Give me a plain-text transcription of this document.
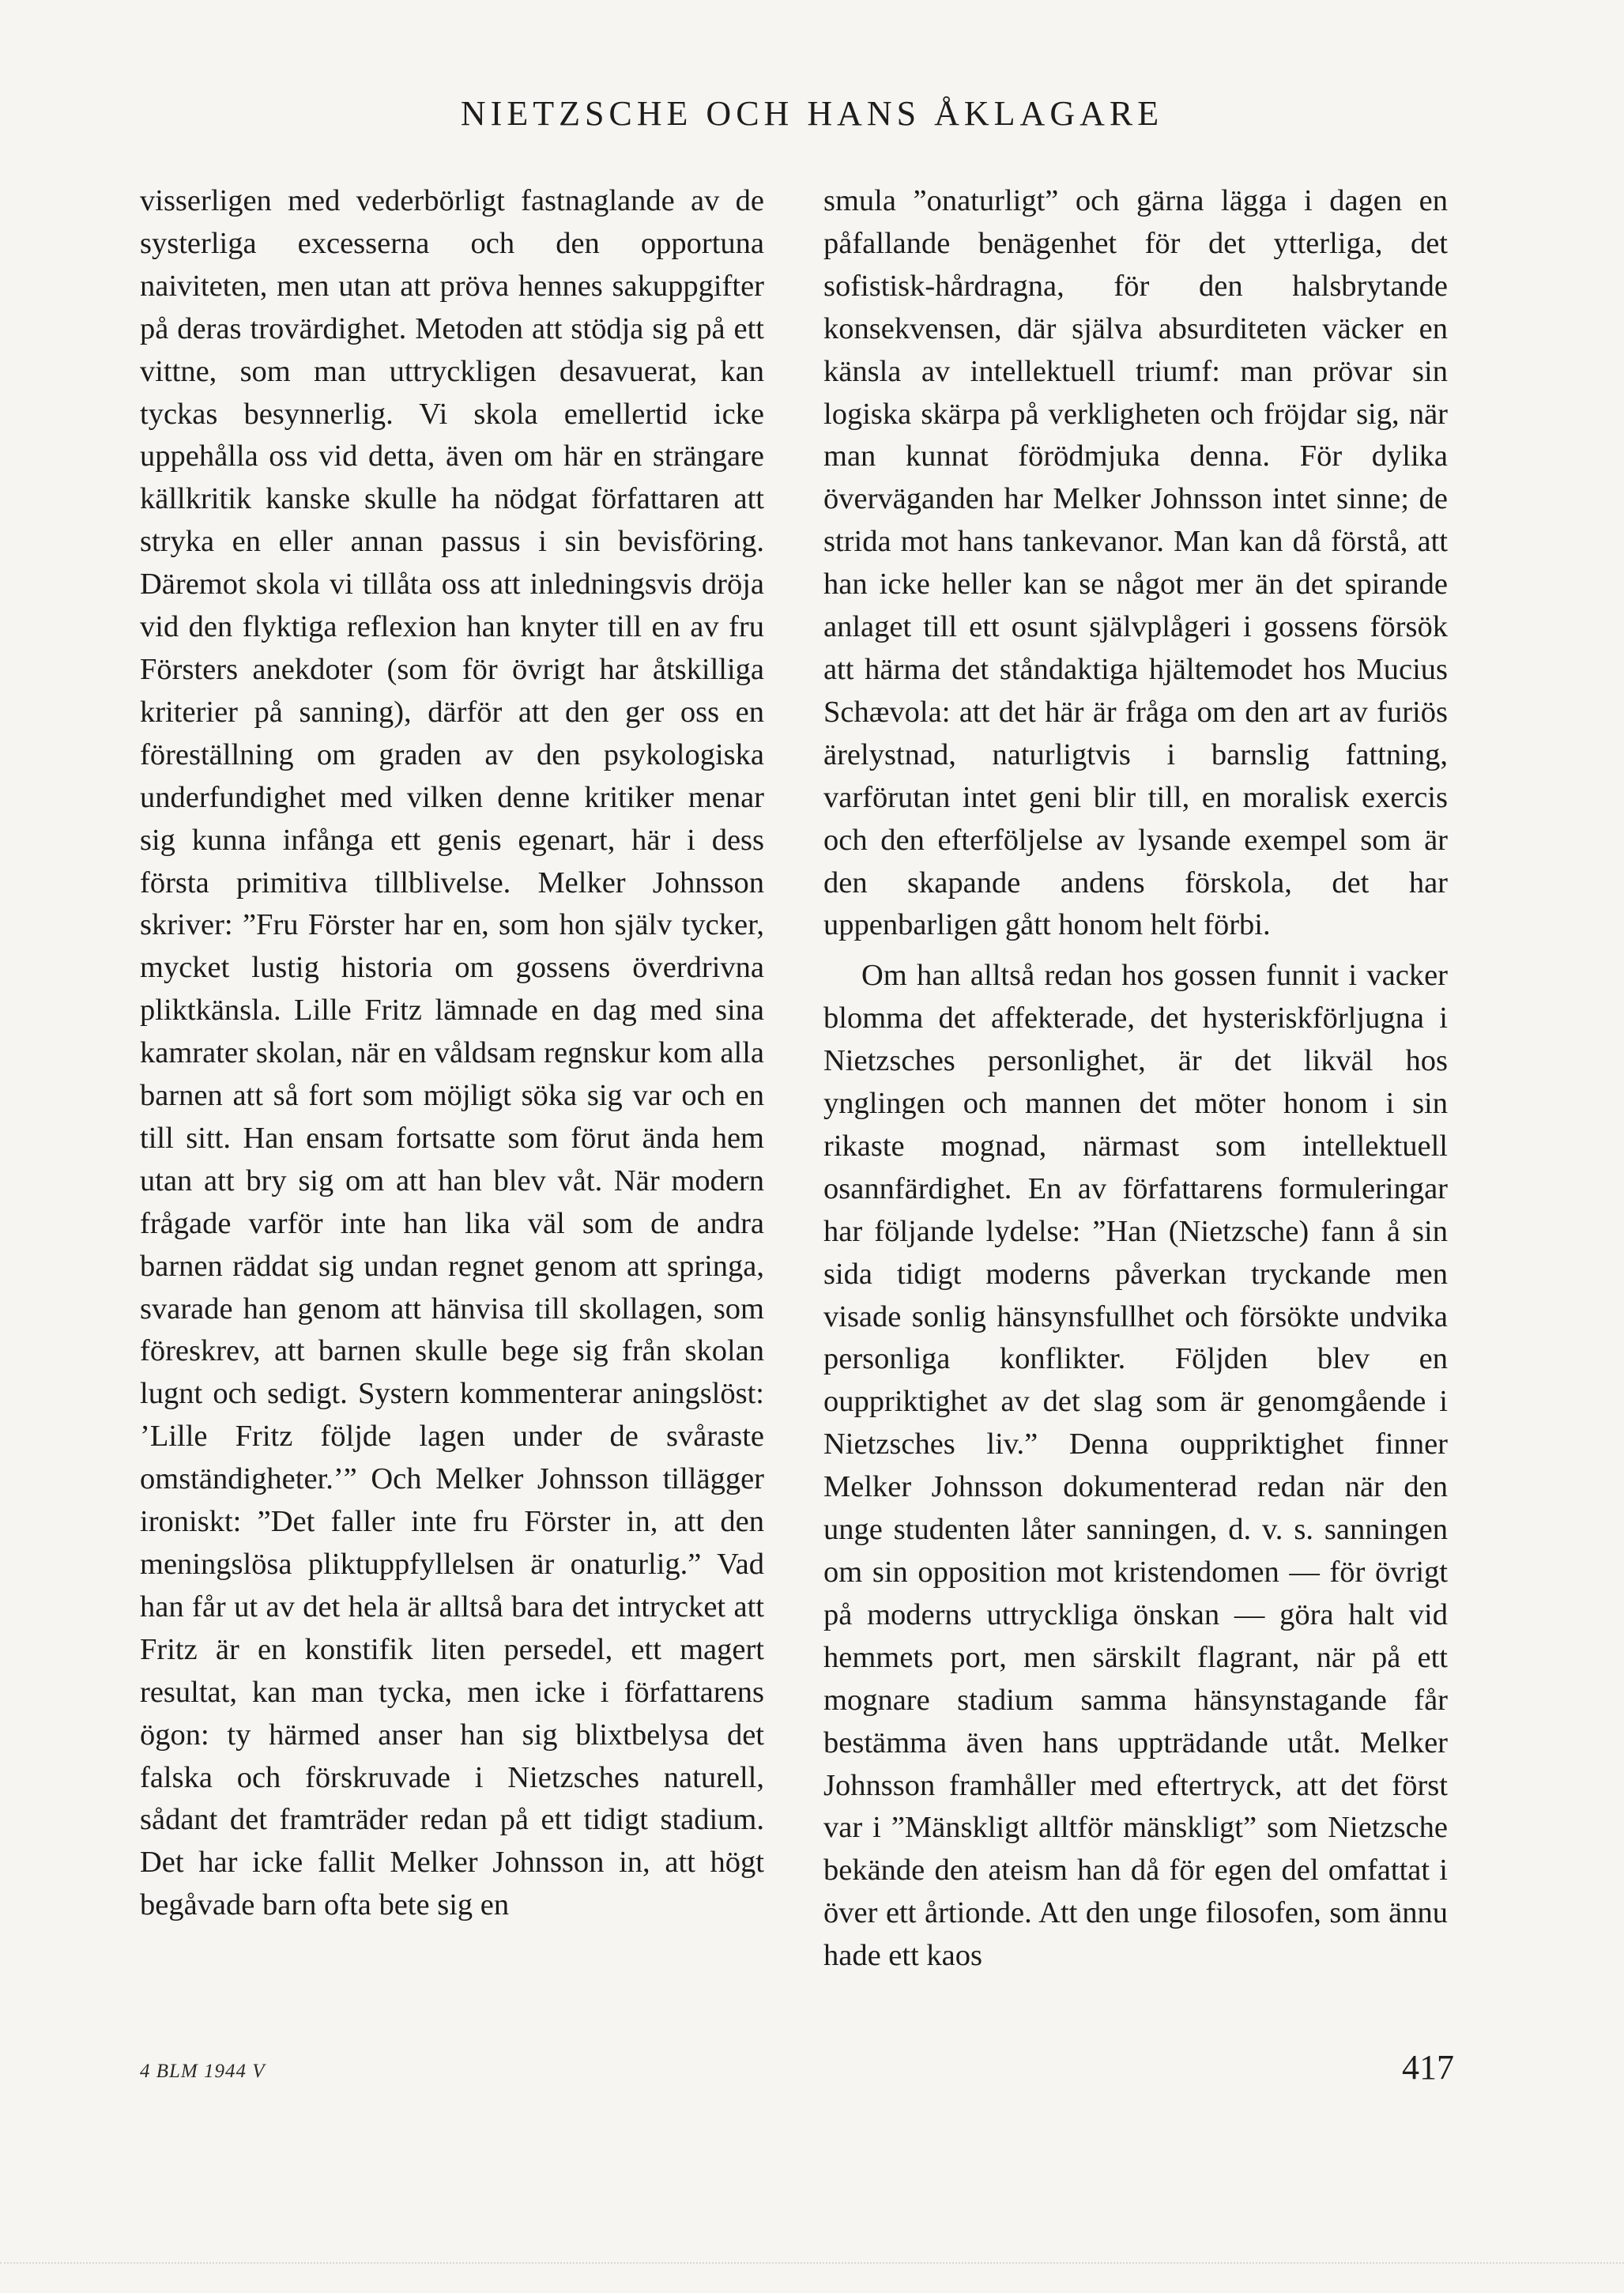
NIETZSCHE OCH HANS ÅKLAGARE

visserligen med vederbörligt fastnaglande av de systerliga excesserna och den opportuna naiviteten, men utan att pröva hennes sakuppgifter på deras trovärdighet. Metoden att stödja sig på ett vittne, som man uttryckligen desavuerat, kan tyckas besynnerlig. Vi skola emellertid icke uppehålla oss vid detta, även om här en strängare källkritik kanske skulle ha nödgat författaren att stryka en eller annan passus i sin bevisföring. Däremot skola vi tillåta oss att inledningsvis dröja vid den flyktiga reflexion han knyter till en av fru Försters anekdoter (som för övrigt har åtskilliga kriterier på sanning), därför att den ger oss en föreställning om graden av den psykologiska underfundighet med vilken denne kritiker menar sig kunna infånga ett genis egenart, här i dess första primitiva tillblivelse. Melker Johnsson skriver: ”Fru Förster har en, som hon själv tycker, mycket lustig historia om gossens överdrivna pliktkänsla. Lille Fritz lämnade en dag med sina kamrater skolan, när en våldsam regnskur kom alla barnen att så fort som möjligt söka sig var och en till sitt. Han ensam fortsatte som förut ända hem utan att bry sig om att han blev våt. När modern frågade varför inte han lika väl som de andra barnen räddat sig undan regnet genom att springa, svarade han genom att hänvisa till skollagen, som föreskrev, att barnen skulle bege sig från skolan lugnt och sedigt. Systern kommenterar aningslöst: ’Lille Fritz följde lagen under de svåraste omständigheter.’” Och Melker Johnsson tillägger ironiskt: ”Det faller inte fru Förster in, att den meningslösa pliktuppfyllelsen är onaturlig.” Vad han får ut av det hela är alltså bara det intrycket att Fritz är en konstifik liten persedel, ett magert resultat, kan man tycka, men icke i författarens ögon: ty härmed anser han sig blixtbelysa det falska och förskruvade i Nietzsches naturell, sådant det framträder redan på ett tidigt stadium. Det har icke fallit Melker Johnsson in, att högt begåvade barn ofta bete sig en

smula ”onaturligt” och gärna lägga i dagen en påfallande benägenhet för det ytterliga, det sofistisk-hårdragna, för den halsbrytande konsekvensen, där själva absurditeten väcker en känsla av intellektuell triumf: man prövar sin logiska skärpa på verkligheten och fröjdar sig, när man kunnat förödmjuka denna. För dylika överväganden har Melker Johnsson intet sinne; de strida mot hans tankevanor. Man kan då förstå, att han icke heller kan se något mer än det spirande anlaget till ett osunt självplågeri i gossens försök att härma det ståndaktiga hjältemodet hos Mucius Schævola: att det här är fråga om den art av furiös ärelystnad, naturligtvis i barnslig fattning, varförutan intet geni blir till, en moralisk exercis och den efterföljelse av lysande exempel som är den skapande andens förskola, det har uppenbarligen gått honom helt förbi.

Om han alltså redan hos gossen funnit i vacker blomma det affekterade, det hysteriskförljugna i Nietzsches personlighet, är det likväl hos ynglingen och mannen det möter honom i sin rikaste mognad, närmast som intellektuell osannfärdighet. En av författarens formuleringar har följande lydelse: ”Han (Nietzsche) fann å sin sida tidigt moderns påverkan tryckande men visade sonlig hänsynsfullhet och försökte undvika personliga konflikter. Följden blev en ouppriktighet av det slag som är genomgående i Nietzsches liv.” Denna ouppriktighet finner Melker Johnsson dokumenterad redan när den unge studenten låter sanningen, d. v. s. sanningen om sin opposition mot kristendomen — för övrigt på moderns uttryckliga önskan — göra halt vid hemmets port, men särskilt flagrant, när på ett mognare stadium samma hänsynstagande får bestämma även hans uppträdande utåt. Melker Johnsson framhåller med eftertryck, att det först var i ”Mänskligt alltför mänskligt” som Nietzsche bekände den ateism han då för egen del omfattat i över ett årtionde. Att den unge filosofen, som ännu hade ett kaos

4 BLM 1944 V	417
